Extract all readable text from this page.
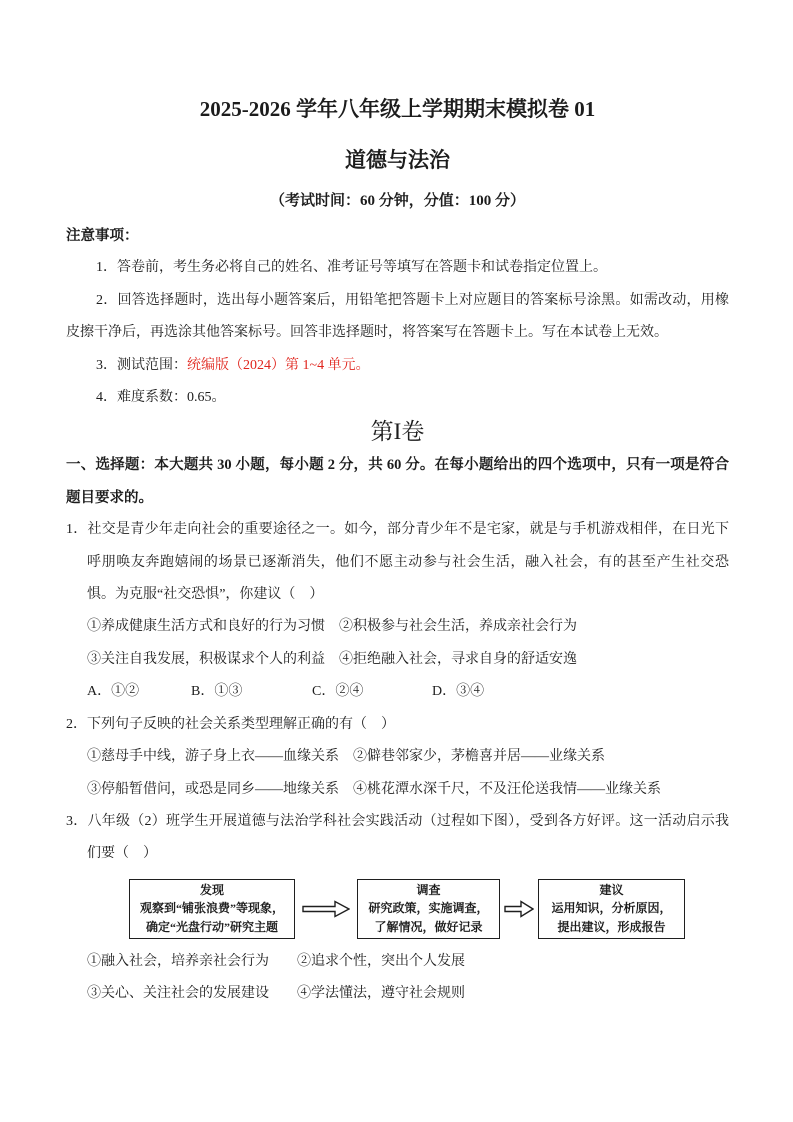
2025-2026 学年八年级上学期期末模拟卷 01
道德与法治
（考试时间：60 分钟，分值：100 分）

注意事项：

1．答卷前，考生务必将自己的姓名、准考证号等填写在答题卡和试卷指定位置上。

2．回答选择题时，选出每小题答案后，用铅笔把答题卡上对应题目的答案标号涂黑。如需改动，用橡皮擦干净后，再选涂其他答案标号。回答非选择题时，将答案写在答题卡上。写在本试卷上无效。

3．测试范围：统编版（2024）第 1~4 单元。

4．难度系数：0.65。

第I卷

一、选择题：本大题共 30 小题，每小题 2 分，共 60 分。在每小题给出的四个选项中，只有一项是符合题目要求的。

1．社交是青少年走向社会的重要途径之一。如今，部分青少年不是宅家，就是与手机游戏相伴，在日光下呼朋唤友奔跑嬉闹的场景已逐渐消失，他们不愿主动参与社会生活，融入社会，有的甚至产生社交恐惧。为克服“社交恐惧”，你建议（　）

①养成健康生活方式和良好的行为习惯　②积极参与社会生活，养成亲社会行为

③关注自我发展，积极谋求个人的利益　④拒绝融入社会，寻求自身的舒适安逸

A．①②	B．①③	C．②④	D．③④

2．下列句子反映的社会关系类型理解正确的有（　）

①慈母手中线，游子身上衣——血缘关系　②僻巷邻家少，茅檐喜并居——业缘关系

③停船暂借问，或恐是同乡——地缘关系　④桃花潭水深千尺，不及汪伦送我情——业缘关系

3．八年级（2）班学生开展道德与法治学科社会实践活动（过程如下图），受到各方好评。这一活动启示我们要（　）

发现
观察到“铺张浪费”等现象，
确定“光盘行动”研究主题
调查
研究政策，实施调查，
了解情况，做好记录
建议
运用知识，分析原因，
提出建议，形成报告

①融入社会，培养亲社会行为　　②追求个性，突出个人发展

③关心、关注社会的发展建设　　④学法懂法，遵守社会规则
